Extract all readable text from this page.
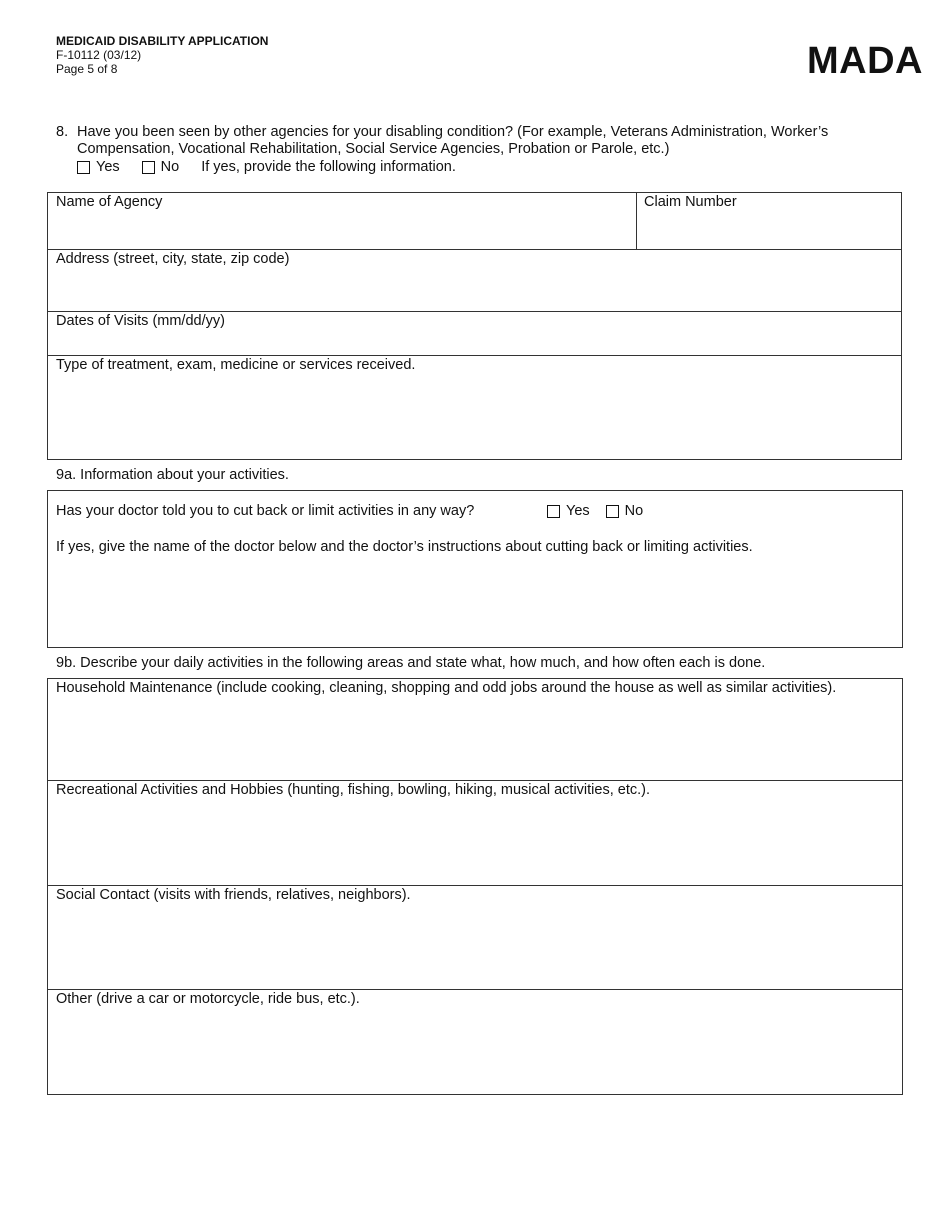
MEDICAID DISABILITY APPLICATION
F-10112 (03/12)
Page 5 of 8	MADA
8. Have you been seen by other agencies for your disabling condition? (For example, Veterans Administration, Worker’s
Compensation, Vocational Rehabilitation, Social Service Agencies, Probation or Parole, etc.)
Yes	No If yes, provide the following information.
Name of Agency	Claim Number
Address (street, city, state, zip code)
Dates of Visits (mm/dd/yy)
Type of treatment, exam, medicine or services received.
9a. Information about your activities.
Has your doctor told you to cut back or limit activities in any way?	Yes No
If yes, give the name of the doctor below and the doctor’s instructions about cutting back or limiting activities.
9b. Describe your daily activities in the following areas and state what, how much, and how often each is done.
Household Maintenance (include cooking, cleaning, shopping and odd jobs around the house as well as similar activities).
Recreational Activities and Hobbies (hunting, fishing, bowling, hiking, musical activities, etc.).
Social Contact (visits with friends, relatives, neighbors).
Other (drive a car or motorcycle, ride bus, etc.).
